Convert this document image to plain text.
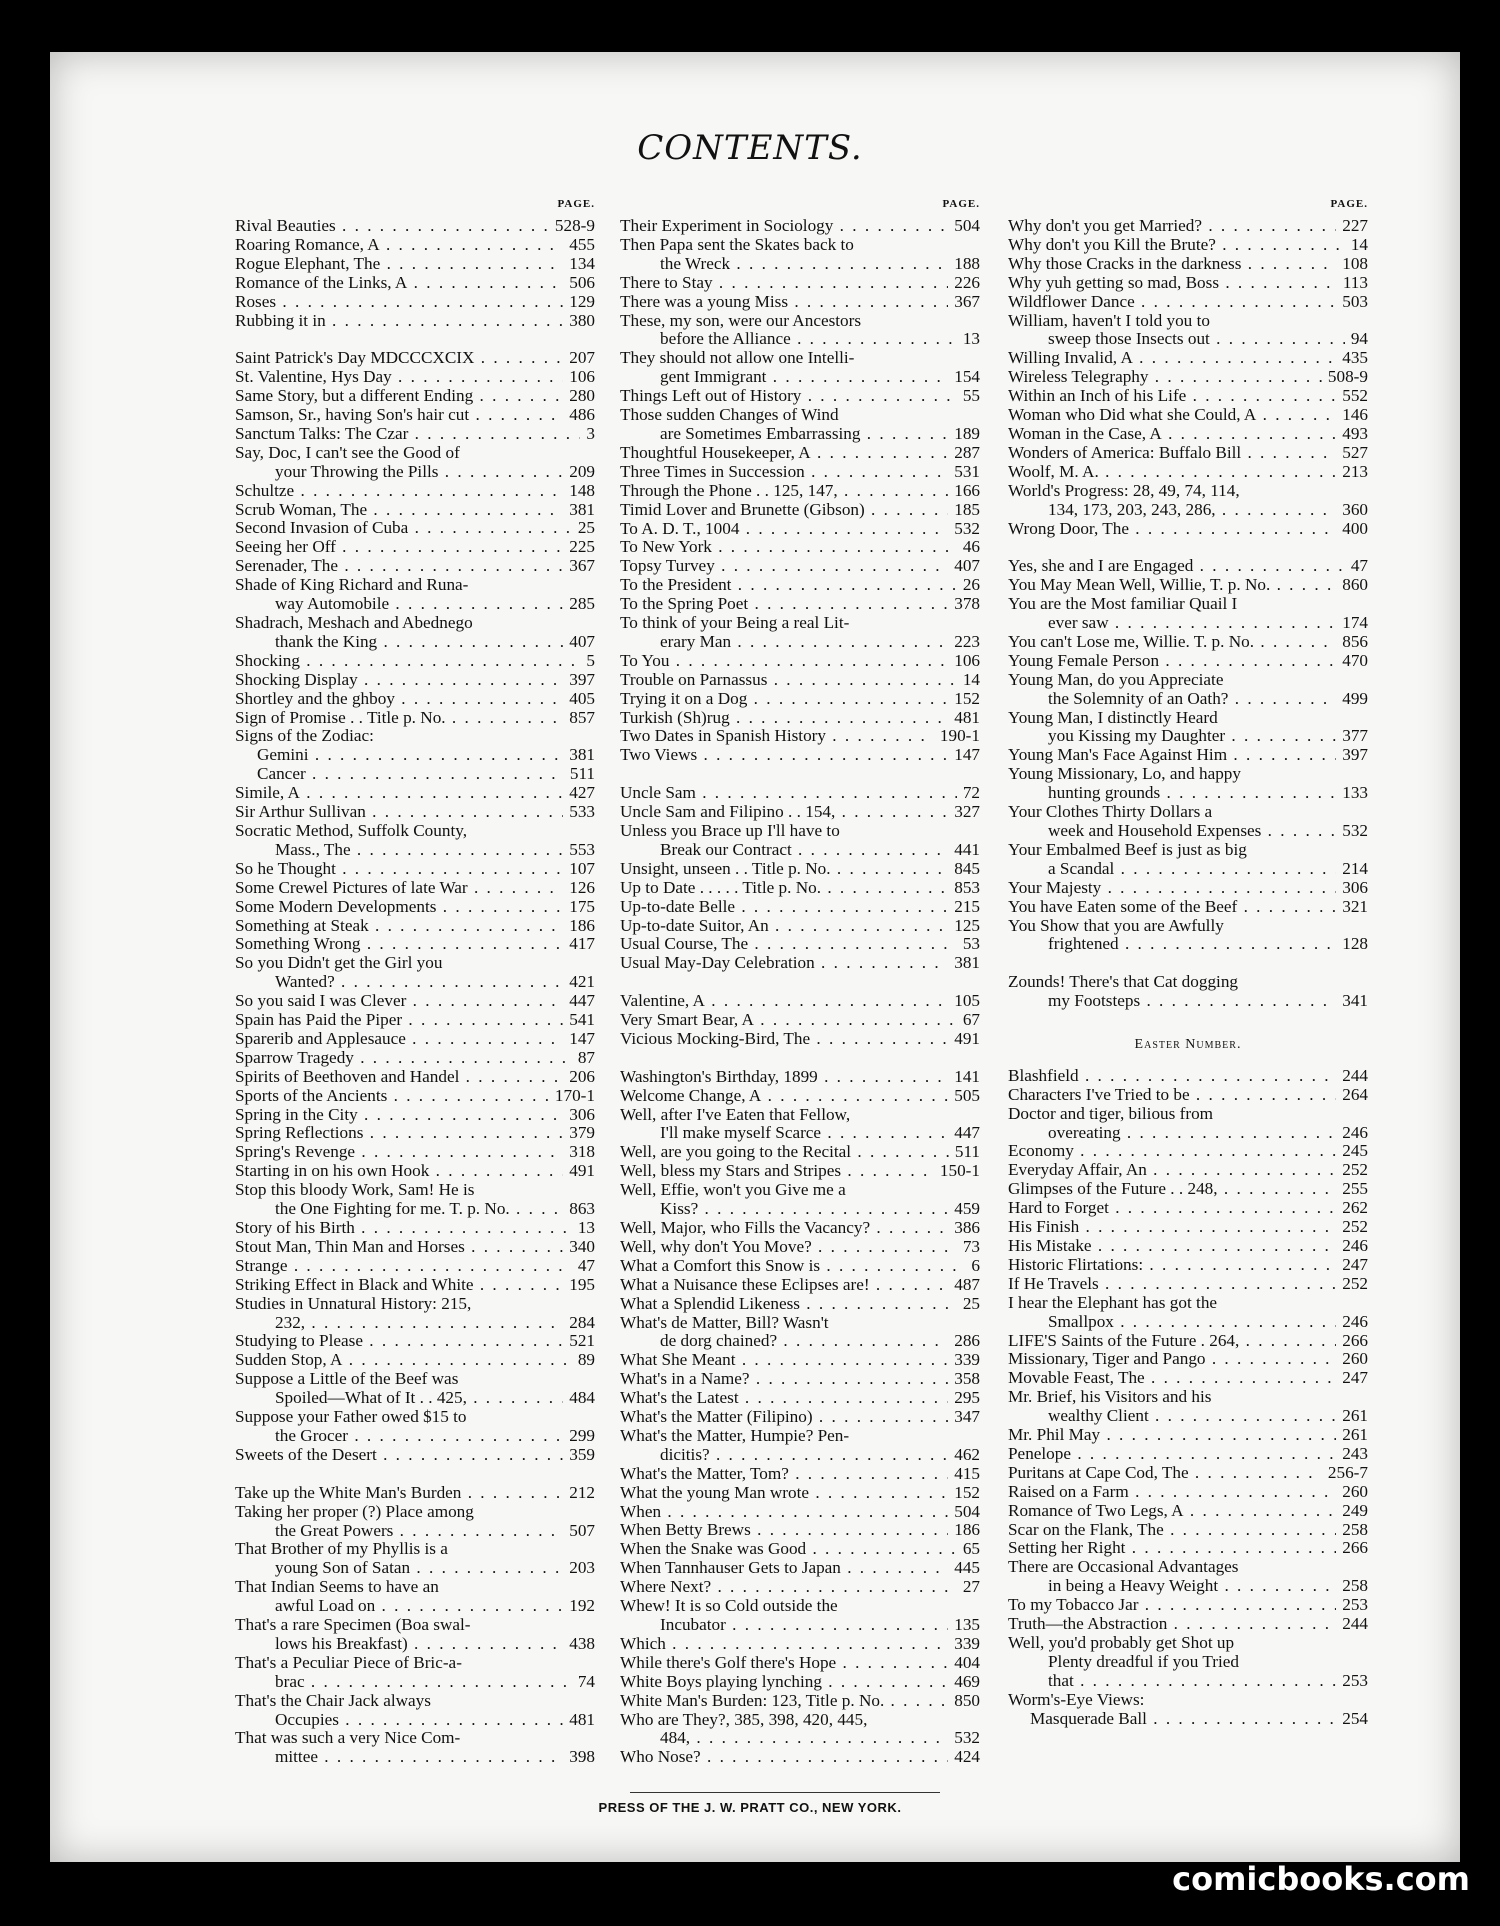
CONTENTS.
PAGE.
Rival Beauties . . .	528-9
Roaring Romance, A . . .	455
Rogue Elephant, The . . .	134
Romance of the Links, A . . .	506
Roses . . .	129
Rubbing it in . . .	380
Saint Patrick's Day MDCCCXCIX . . .	207
St. Valentine, Hys Day . . .	106
Same Story, but a different Ending . . .	280
Samson, Sr., having Son's hair cut . . .	486
Sanctum Talks: The Czar . . .	3
Say, Doc, I can't see the Good of
your Throwing the Pills . . .	209
Schultze . . .	148
Scrub Woman, The . . .	381
Second Invasion of Cuba . . .	25
Seeing her Off . . .	225
Serenader, The . . .	367
Shade of King Richard and Runa-
way Automobile . . .	285
Shadrach, Meshach and Abednego
thank the King . . .	407
Shocking . . .	5
Shocking Display . . .	397
Shortley and the ghboy . . .	405
Sign of Promise . . Title p. No. . . .	857
Signs of the Zodiac:
Gemini . . .	381
Cancer . . .	511
Simile, A . . .	427
Sir Arthur Sullivan . . .	533
Socratic Method, Suffolk County,
Mass., The . . .	553
So he Thought . . .	107
Some Crewel Pictures of late War . . .	126
Some Modern Developments . . .	175
Something at Steak . . .	186
Something Wrong . . .	417
So you Didn't get the Girl you
Wanted? . . .	421
So you said I was Clever . . .	447
Spain has Paid the Piper . . .	541
Sparerib and Applesauce . . .	147
Sparrow Tragedy . . .	87
Spirits of Beethoven and Handel . . .	206
Sports of the Ancients . . .	170-1
Spring in the City . . .	306
Spring Reflections . . .	379
Spring's Revenge . . .	318
Starting in on his own Hook . . .	491
Stop this bloody Work, Sam! He is
the One Fighting for me. T. p. No. . . .	863
Story of his Birth . . .	13
Stout Man, Thin Man and Horses . . .	340
Strange . . .	47
Striking Effect in Black and White . . .	195
Studies in Unnatural History: 215,
232, . . .	284
Studying to Please . . .	521
Sudden Stop, A . . .	89
Suppose a Little of the Beef was
Spoiled—What of It . . 425, . . .	484
Suppose your Father owed $15 to
the Grocer . . .	299
Sweets of the Desert . . .	359
Take up the White Man's Burden . . .	212
Taking her proper (?) Place among
the Great Powers . . .	507
That Brother of my Phyllis is a
young Son of Satan . . .	203
That Indian Seems to have an
awful Load on . . .	192
That's a rare Specimen (Boa swal-
lows his Breakfast) . . .	438
That's a Peculiar Piece of Bric-a-
brac . . .	74
That's the Chair Jack always
Occupies . . .	481
That was such a very Nice Com-
mittee . . .	398
PAGE.
Their Experiment in Sociology . . .	504
Then Papa sent the Skates back to
the Wreck . . .	188
There to Stay . . .	226
There was a young Miss . . .	367
These, my son, were our Ancestors
before the Alliance . . .	13
They should not allow one Intelli-
gent Immigrant . . .	154
Things Left out of History . . .	55
Those sudden Changes of Wind
are Sometimes Embarrassing . . .	189
Thoughtful Housekeeper, A . . .	287
Three Times in Succession . . .	531
Through the Phone . . 125, 147, . . .	166
Timid Lover and Brunette (Gibson) . . .	185
To A. D. T., 1004 . . .	532
To New York . . .	46
Topsy Turvey . . .	407
To the President . . .	26
To the Spring Poet . . .	378
To think of your Being a real Lit-
erary Man . . .	223
To You . . .	106
Trouble on Parnassus . . .	14
Trying it on a Dog . . .	152
Turkish (Sh)rug . . .	481
Two Dates in Spanish History . . .	190-1
Two Views . . .	147
Uncle Sam . . .	72
Uncle Sam and Filipino . . 154, . . .	327
Unless you Brace up I'll have to
Break our Contract . . .	441
Unsight, unseen . . Title p. No. . . .	845
Up to Date . . . . . Title p. No. . . .	853
Up-to-date Belle . . .	215
Up-to-date Suitor, An . . .	125
Usual Course, The . . .	53
Usual May-Day Celebration . . .	381
Valentine, A . . .	105
Very Smart Bear, A . . .	67
Vicious Mocking-Bird, The . . .	491
Washington's Birthday, 1899 . . .	141
Welcome Change, A . . .	505
Well, after I've Eaten that Fellow,
I'll make myself Scarce . . .	447
Well, are you going to the Recital . . .	511
Well, bless my Stars and Stripes . . .	150-1
Well, Effie, won't you Give me a
Kiss? . . .	459
Well, Major, who Fills the Vacancy? . . .	386
Well, why don't You Move? . . .	73
What a Comfort this Snow is . . .	6
What a Nuisance these Eclipses are! . . .	487
What a Splendid Likeness . . .	25
What's de Matter, Bill? Wasn't
de dorg chained? . . .	286
What She Meant . . .	339
What's in a Name? . . .	358
What's the Latest . . .	295
What's the Matter (Filipino) . . .	347
What's the Matter, Humpie? Pen-
dicitis? . . .	462
What's the Matter, Tom? . . .	415
What the young Man wrote . . .	152
When . . .	504
When Betty Brews . . .	186
When the Snake was Good . . .	65
When Tannhauser Gets to Japan . . .	445
Where Next? . . .	27
Whew! It is so Cold outside the
Incubator . . .	135
Which . . .	339
While there's Golf there's Hope . . .	404
White Boys playing lynching . . .	469
White Man's Burden: 123, Title p. No. . . .	850
Who are They?, 385, 398, 420, 445,
484, . . .	532
Who Nose? . . .	424
PAGE.
Why don't you get Married? . . .	227
Why don't you Kill the Brute? . . .	14
Why those Cracks in the darkness . . .	108
Why yuh getting so mad, Boss . . .	113
Wildflower Dance . . .	503
William, haven't I told you to
sweep those Insects out . . .	94
Willing Invalid, A . . .	435
Wireless Telegraphy . . .	508-9
Within an Inch of his Life . . .	552
Woman who Did what she Could, A . . .	146
Woman in the Case, A . . .	493
Wonders of America: Buffalo Bill . . .	527
Woolf, M. A. . . .	213
World's Progress: 28, 49, 74, 114,
134, 173, 203, 243, 286, . . .	360
Wrong Door, The . . .	400
Yes, she and I are Engaged . . .	47
You May Mean Well, Willie, T. p. No. . . .	860
You are the Most familiar Quail I
ever saw . . .	174
You can't Lose me, Willie. T. p. No. . . .	856
Young Female Person . . .	470
Young Man, do you Appreciate
the Solemnity of an Oath? . . .	499
Young Man, I distinctly Heard
you Kissing my Daughter . . .	377
Young Man's Face Against Him . . .	397
Young Missionary, Lo, and happy
hunting grounds . . .	133
Your Clothes Thirty Dollars a
week and Household Expenses . . .	532
Your Embalmed Beef is just as big
a Scandal . . .	214
Your Majesty . . .	306
You have Eaten some of the Beef . . .	321
You Show that you are Awfully
frightened . . .	128
Zounds! There's that Cat dogging
my Footsteps . . .	341
Easter Number.
Blashfield . . .	244
Characters I've Tried to be . . .	264
Doctor and tiger, bilious from
overeating . . .	246
Economy . . .	245
Everyday Affair, An . . .	252
Glimpses of the Future . . 248, . . .	255
Hard to Forget . . .	262
His Finish . . .	252
His Mistake . . .	246
Historic Flirtations: . . .	247
If He Travels . . .	252
I hear the Elephant has got the
Smallpox . . .	246
LIFE'S Saints of the Future . 264, . . .	266
Missionary, Tiger and Pango . . .	260
Movable Feast, The . . .	247
Mr. Brief, his Visitors and his
wealthy Client . . .	261
Mr. Phil May . . .	261
Penelope . . .	243
Puritans at Cape Cod, The . . .	256-7
Raised on a Farm . . .	260
Romance of Two Legs, A . . .	249
Scar on the Flank, The . . .	258
Setting her Right . . .	266
There are Occasional Advantages
in being a Heavy Weight . . .	258
To my Tobacco Jar . . .	253
Truth—the Abstraction . . .	244
Well, you'd probably get Shot up
Plenty dreadful if you Tried
that . . .	253
Worm's-Eye Views:
Masquerade Ball . . .	254
PRESS OF THE J. W. PRATT CO., NEW YORK.
comicbooks.com
